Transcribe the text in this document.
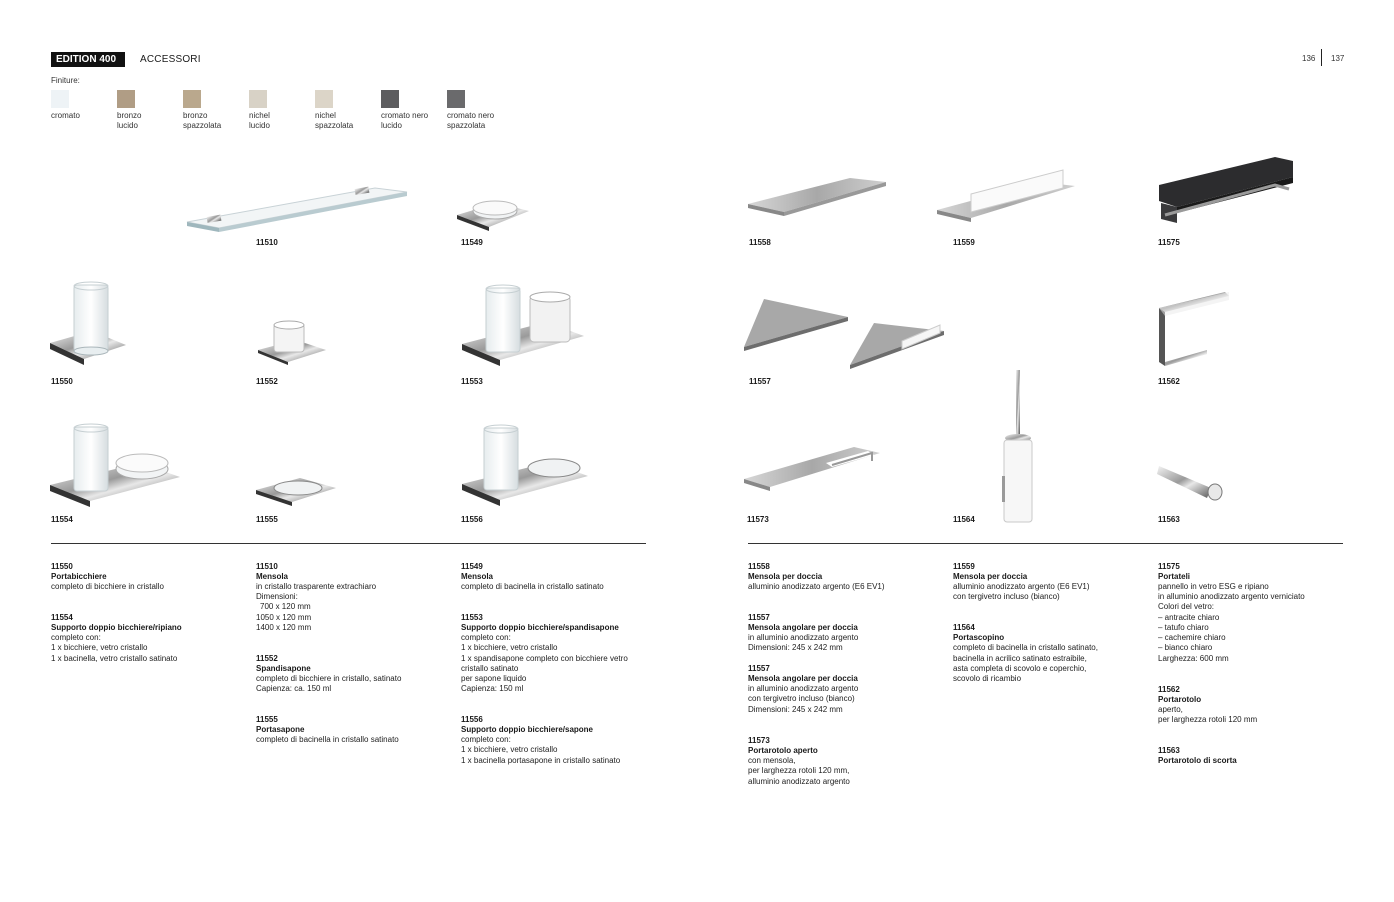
EDITION 400	ACCESSORI	136 137
Finiture:
cromato	bronzo
lucido
bronzo
spazzolata
nichel
lucido
nichel
spazzolata
cromato nero
lucido
cromato nero
spazzolata
11510	11549	11558	11559	11575
11550	11552	11553	11557	11562
11554	11555	11556	11573	11564	11563
11550
Portabicchiere
completo di bicchiere in cristallo
11554
Supporto doppio bicchiere/ripiano
completo con:
1 x bicchiere, vetro cristallo
1 x bacinella, vetro cristallo satinato
11510
Mensola
in cristallo trasparente extrachiaro
Dimensioni:
700 x 120 mm
1050 x 120 mm
1400 x 120 mm
11552
Spandisapone
completo di bicchiere in cristallo, satinato
Capienza: ca. 150 ml
11555
Portasapone
completo di bacinella in cristallo satinato
11549
Mensola
completo di bacinella in cristallo satinato
11553
Supporto doppio bicchiere/spandisapone
completo con:
1 x bicchiere, vetro cristallo
1 x spandisapone completo con bicchiere vetro
cristallo satinato
per sapone liquido
Capienza: 150 ml
11556
Supporto doppio bicchiere/sapone
completo con:
1 x bicchiere, vetro cristallo
1 x bacinella portasapone in cristallo satinato
11558
Mensola per doccia
alluminio anodizzato argento (E6 EV1)
11557
Mensola angolare per doccia
in alluminio anodizzato argento
Dimensioni: 245 x 242 mm
11557
Mensola angolare per doccia
in alluminio anodizzato argento
con tergivetro incluso (bianco)
Dimensioni: 245 x 242 mm
11573
Portarotolo aperto
con mensola,
per larghezza rotoli 120 mm,
alluminio anodizzato argento
11559
Mensola per doccia
alluminio anodizzato argento (E6 EV1)
con tergivetro incluso (bianco)
11564
Portascopino
completo di bacinella in cristallo satinato,
bacinella in acrilico satinato estraibile,
asta completa di scovolo e coperchio,
scovolo di ricambio
11575
Portateli
pannello in vetro ESG e ripiano
in alluminio anodizzato argento verniciato
Colori del vetro:
– antracite chiaro
– tatufo chiaro
– cachemire chiaro
– bianco chiaro
Larghezza: 600 mm
11562
Portarotolo
aperto,
per larghezza rotoli 120 mm
11563
Portarotolo di scorta
